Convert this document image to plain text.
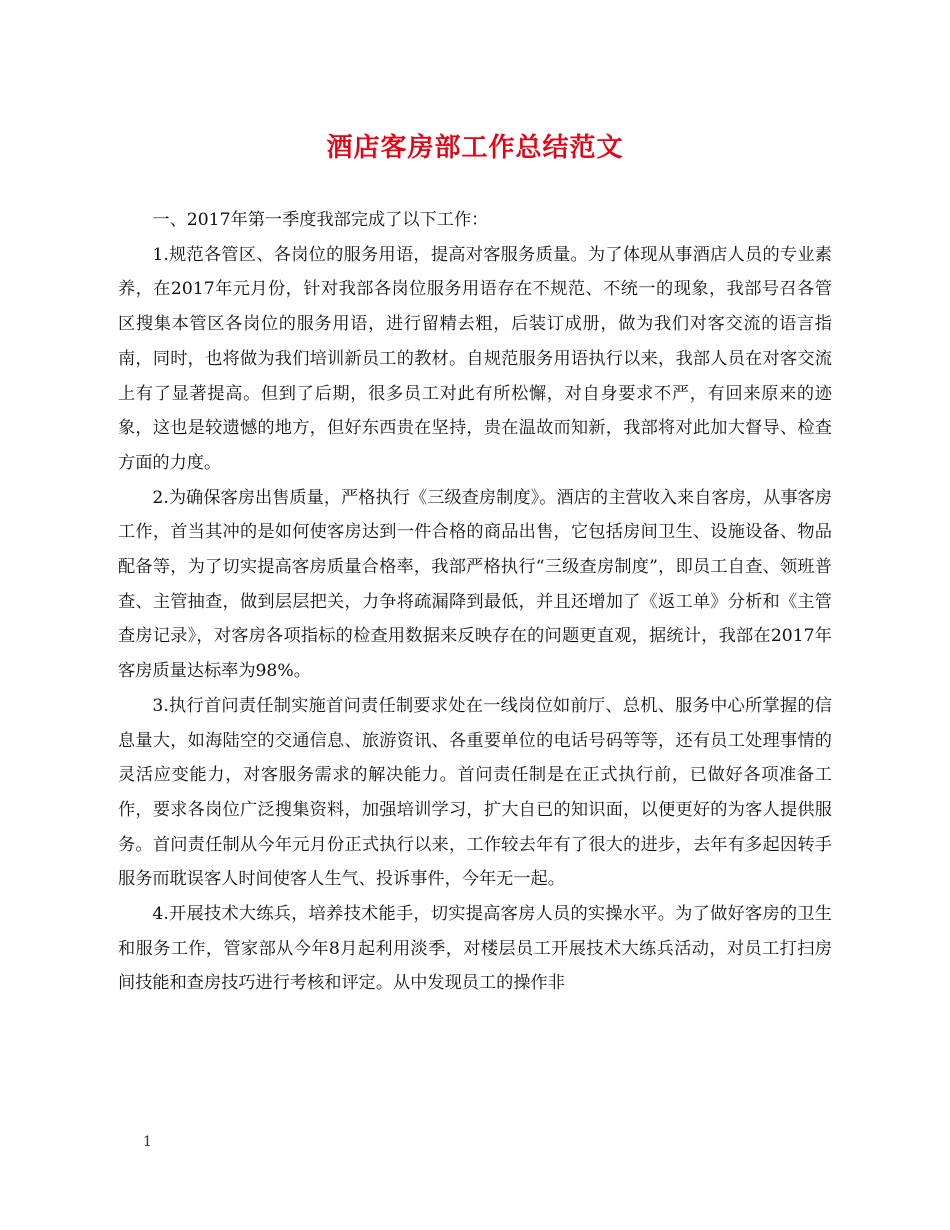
酒店客房部工作总结范文

一、2017年第一季度我部完成了以下工作：

1.规范各管区、各岗位的服务用语，提高对客服务质量。为了体现从事酒店人员的专业素养，在2017年元月份，针对我部各岗位服务用语存在不规范、不统一的现象，我部号召各管区搜集本管区各岗位的服务用语，进行留精去粗，后装订成册，做为我们对客交流的语言指南，同时，也将做为我们培训新员工的教材。自规范服务用语执行以来，我部人员在对客交流上有了显著提高。但到了后期，很多员工对此有所松懈，对自身要求不严，有回来原来的迹象，这也是较遗憾的地方，但好东西贵在坚持，贵在温故而知新，我部将对此加大督导、检查方面的力度。

2.为确保客房出售质量，严格执行《三级查房制度》。酒店的主营收入来自客房，从事客房工作，首当其冲的是如何使客房达到一件合格的商品出售，它包括房间卫生、设施设备、物品配备等，为了切实提高客房质量合格率，我部严格执行“三级查房制度”，即员工自查、领班普查、主管抽查，做到层层把关，力争将疏漏降到最低，并且还增加了《返工单》分析和《主管查房记录》，对客房各项指标的检查用数据来反映存在的问题更直观，据统计，我部在2017年客房质量达标率为98%。

3.执行首问责任制实施首问责任制要求处在一线岗位如前厅、总机、服务中心所掌握的信息量大，如海陆空的交通信息、旅游资讯、各重要单位的电话号码等等，还有员工处理事情的灵活应变能力，对客服务需求的解决能力。首问责任制是在正式执行前，已做好各项准备工作，要求各岗位广泛搜集资料，加强培训学习，扩大自已的知识面，以便更好的为客人提供服务。首问责任制从今年元月份正式执行以来，工作较去年有了很大的进步，去年有多起因转手服务而耽误客人时间使客人生气、投诉事件，今年无一起。

4.开展技术大练兵，培养技术能手，切实提高客房人员的实操水平。为了做好客房的卫生和服务工作，管家部从今年8月起利用淡季，对楼层员工开展技术大练兵活动，对员工打扫房间技能和查房技巧进行考核和评定。从中发现员工的操作非

1
